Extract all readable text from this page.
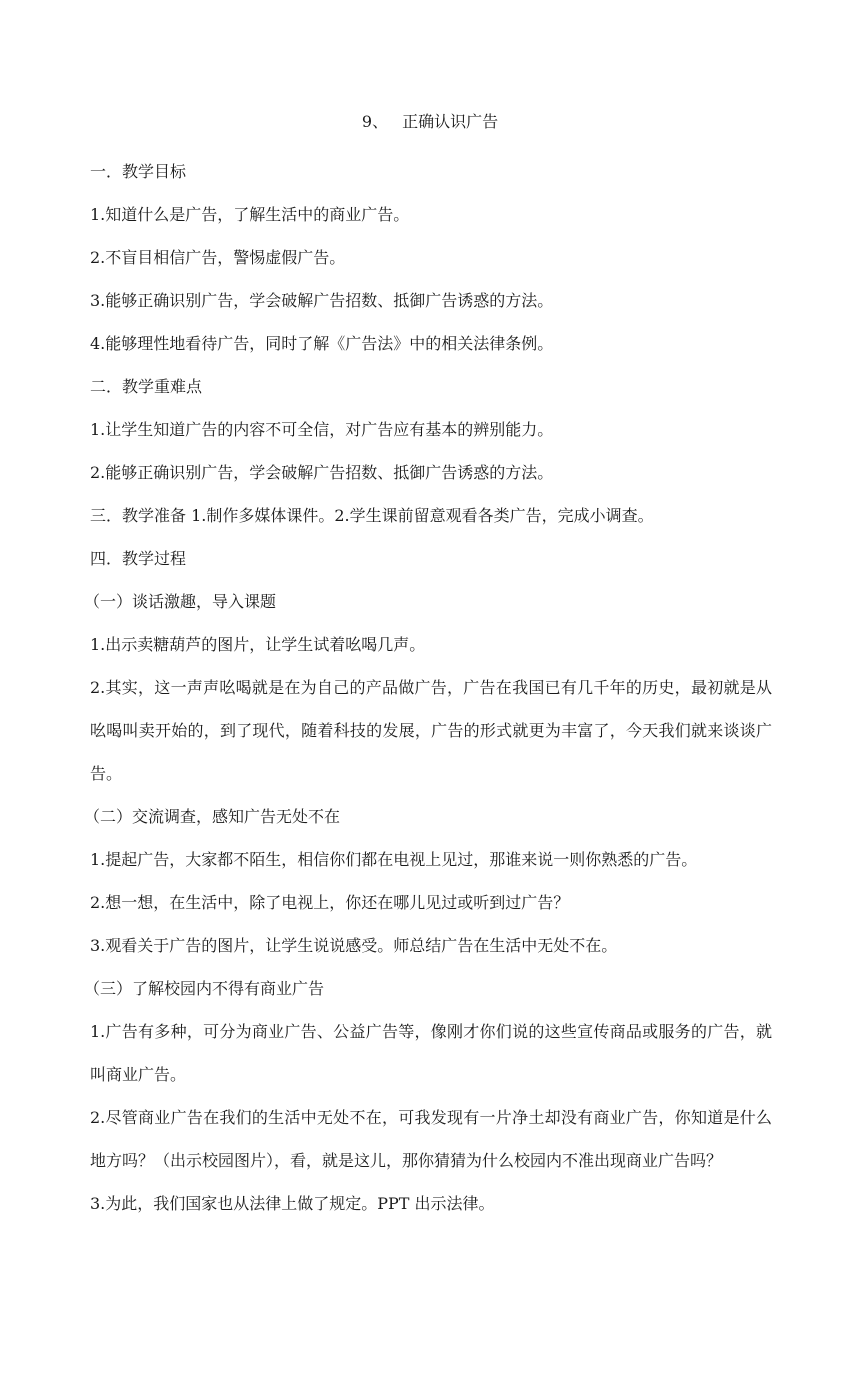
9、 正确认识广告

一．教学目标

1.知道什么是广告，了解生活中的商业广告。

2.不盲目相信广告，警惕虚假广告。

3.能够正确识别广告，学会破解广告招数、抵御广告诱惑的方法。

4.能够理性地看待广告，同时了解《广告法》中的相关法律条例。

二．教学重难点

1.让学生知道广告的内容不可全信，对广告应有基本的辨别能力。

2.能够正确识别广告，学会破解广告招数、抵御广告诱惑的方法。

三．教学准备 1.制作多媒体课件。2.学生课前留意观看各类广告，完成小调查。

四．教学过程

（一）谈话激趣，导入课题

1.出示卖糖葫芦的图片，让学生试着吆喝几声。

2.其实，这一声声吆喝就是在为自己的产品做广告，广告在我国已有几千年的历史，最初就是从吆喝叫卖开始的，到了现代，随着科技的发展，广告的形式就更为丰富了，今天我们就来谈谈广告。

（二）交流调查，感知广告无处不在

1.提起广告，大家都不陌生，相信你们都在电视上见过，那谁来说一则你熟悉的广告。

2.想一想，在生活中，除了电视上，你还在哪儿见过或听到过广告？

3.观看关于广告的图片，让学生说说感受。师总结广告在生活中无处不在。

（三）了解校园内不得有商业广告

1.广告有多种，可分为商业广告、公益广告等，像刚才你们说的这些宣传商品或服务的广告，就叫商业广告。

2.尽管商业广告在我们的生活中无处不在，可我发现有一片净土却没有商业广告，你知道是什么地方吗？（出示校园图片），看，就是这儿，那你猜猜为什么校园内不准出现商业广告吗？

3.为此，我们国家也从法律上做了规定。PPT 出示法律。
